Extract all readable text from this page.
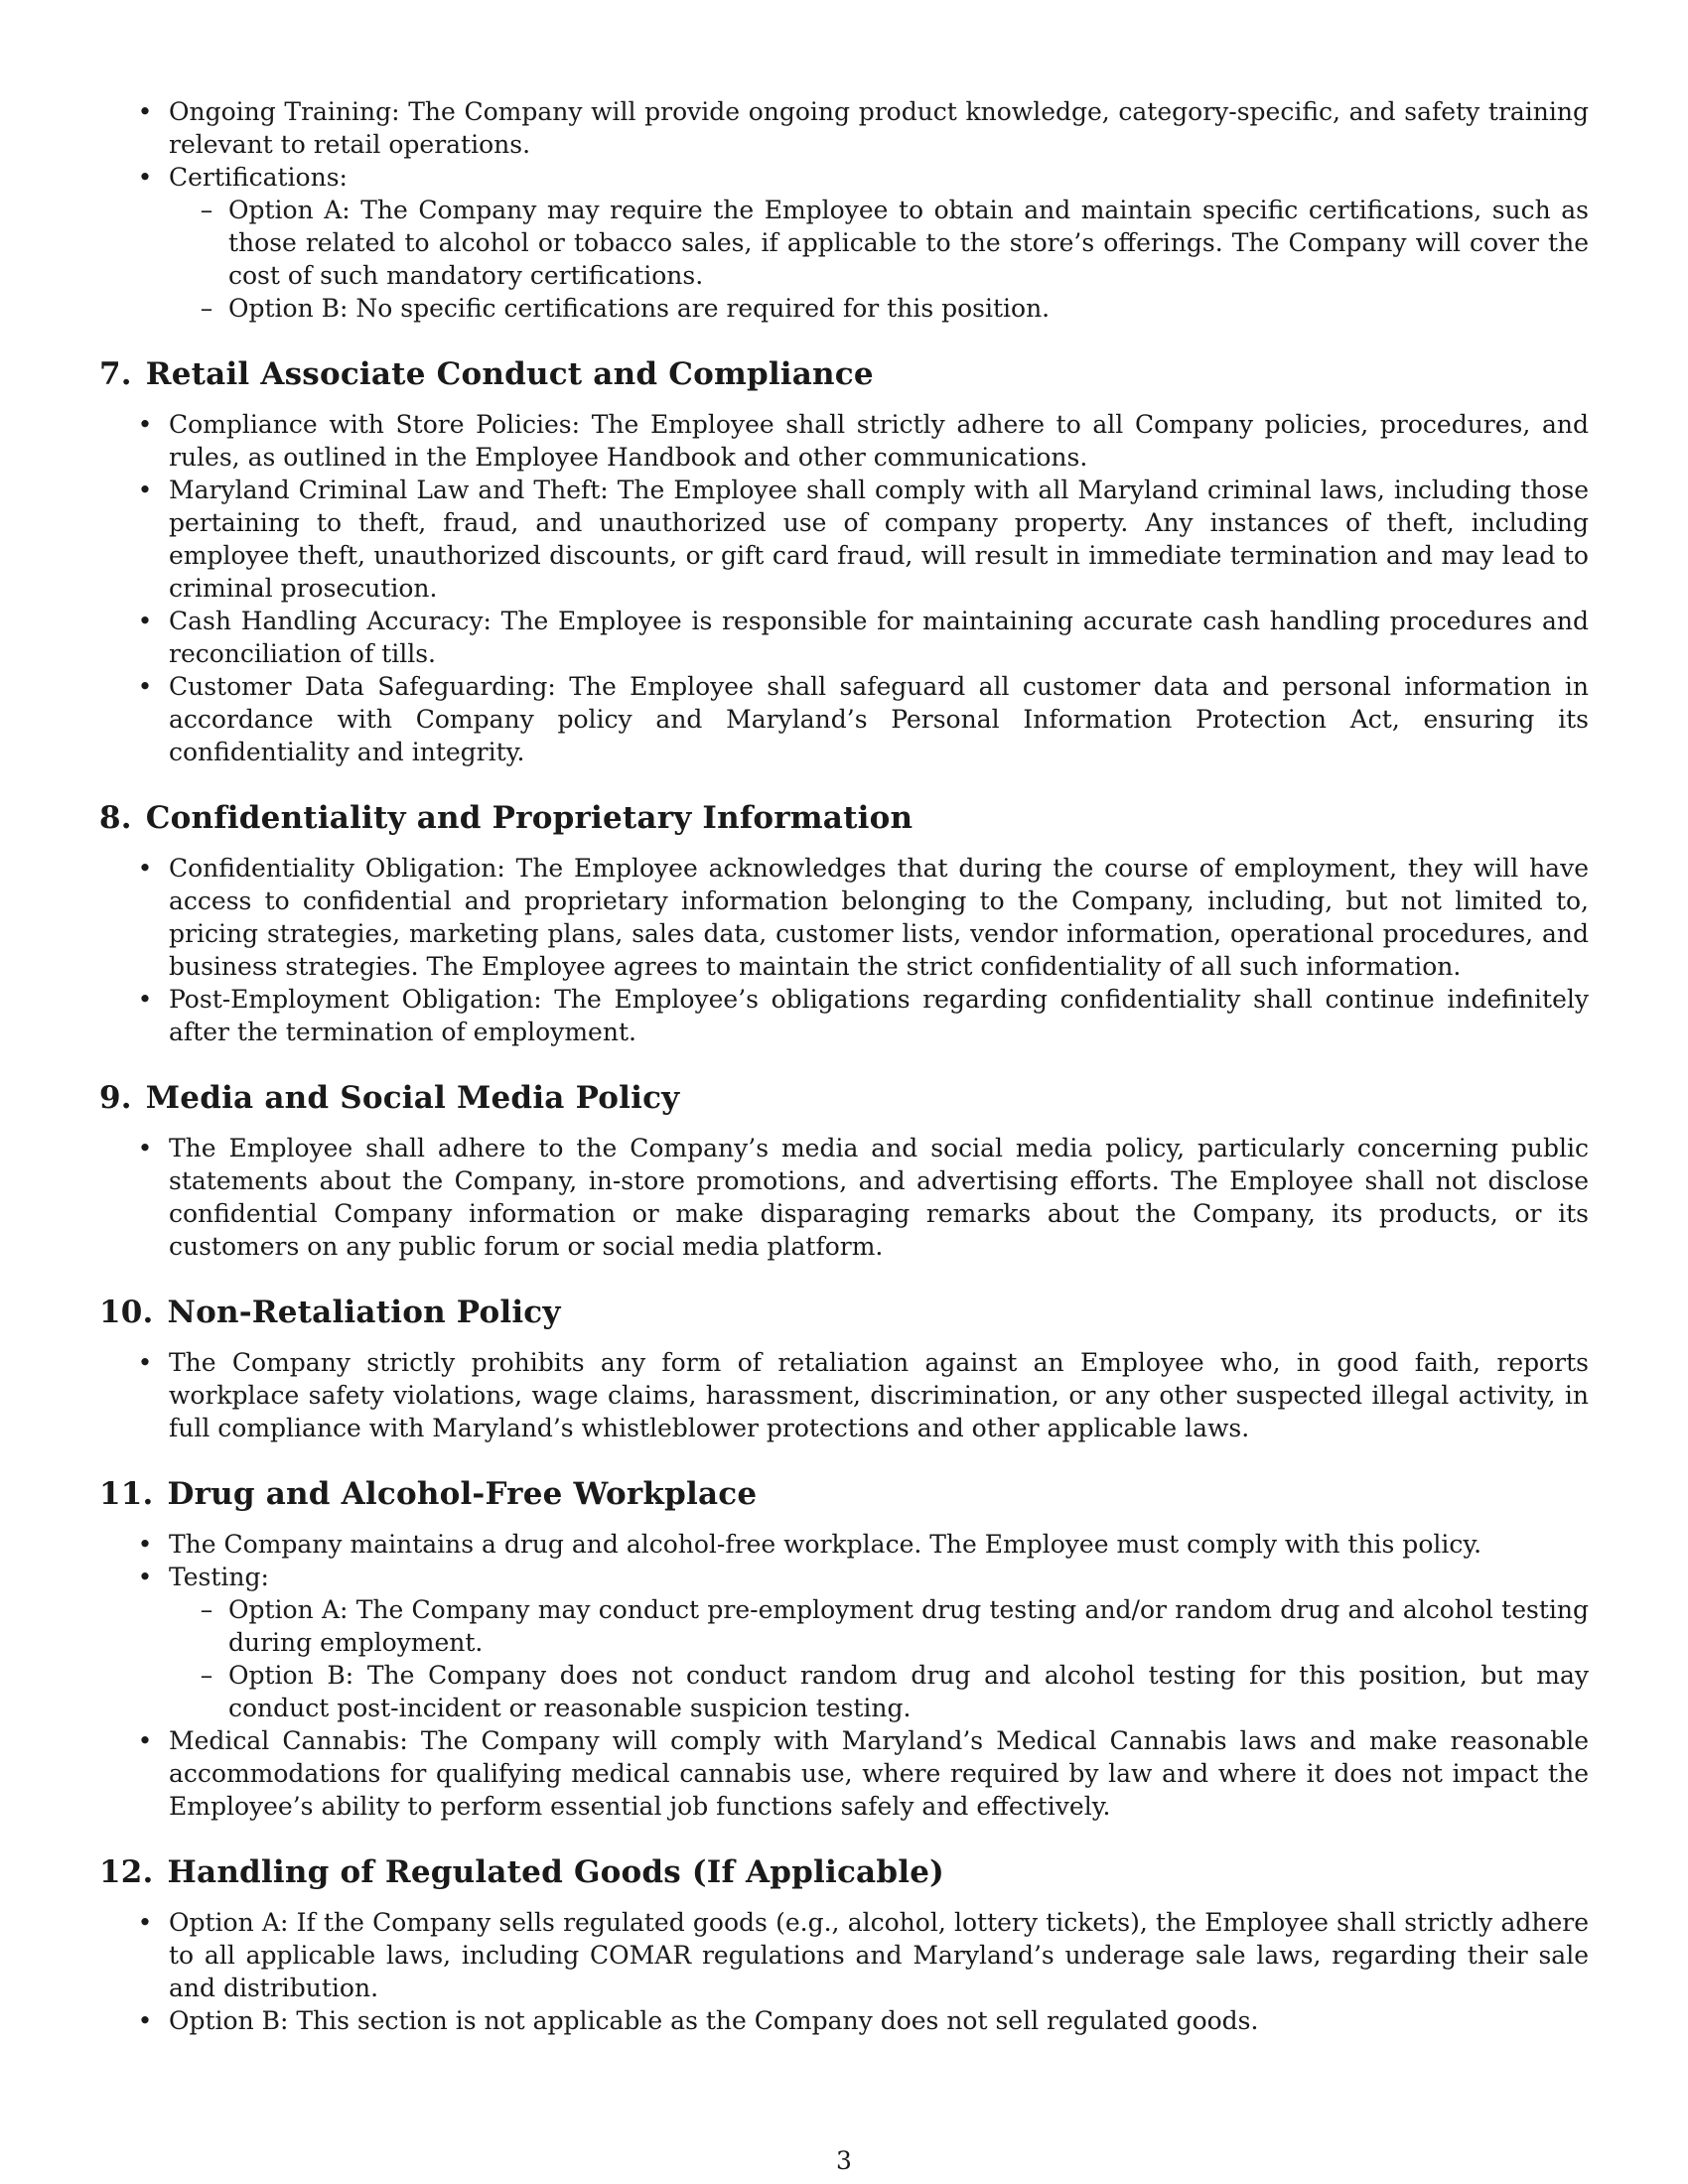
• Ongoing Training: The Company will provide ongoing product knowledge, category-specific, and safety training relevant to retail operations.
• Certifications:
– Option A: The Company may require the Employee to obtain and maintain specific certifications, such as those related to alcohol or tobacco sales, if applicable to the store’s offerings. The Company will cover the cost of such mandatory certifications.
– Option B: No specific certifications are required for this position.
7. Retail Associate Conduct and Compliance
• Compliance with Store Policies: The Employee shall strictly adhere to all Company policies, procedures, and rules, as outlined in the Employee Handbook and other communications.
• Maryland Criminal Law and Theft: The Employee shall comply with all Maryland criminal laws, including those pertaining to theft, fraud, and unauthorized use of company property. Any instances of theft, including employee theft, unauthorized discounts, or gift card fraud, will result in immediate termination and may lead to criminal prosecution.
• Cash Handling Accuracy: The Employee is responsible for maintaining accurate cash handling procedures and reconciliation of tills.
• Customer Data Safeguarding: The Employee shall safeguard all customer data and personal information in accordance with Company policy and Maryland’s Personal Information Protection Act, ensuring its confidentiality and integrity.
8. Confidentiality and Proprietary Information
• Confidentiality Obligation: The Employee acknowledges that during the course of employment, they will have access to confidential and proprietary information belonging to the Company, including, but not limited to, pricing strategies, marketing plans, sales data, customer lists, vendor information, operational procedures, and business strategies. The Employee agrees to maintain the strict confidentiality of all such information.
• Post-Employment Obligation: The Employee’s obligations regarding confidentiality shall continue indefinitely after the termination of employment.
9. Media and Social Media Policy
• The Employee shall adhere to the Company’s media and social media policy, particularly concerning public statements about the Company, in-store promotions, and advertising efforts. The Employee shall not disclose confidential Company information or make disparaging remarks about the Company, its products, or its customers on any public forum or social media platform.
10. Non-Retaliation Policy
• The Company strictly prohibits any form of retaliation against an Employee who, in good faith, reports workplace safety violations, wage claims, harassment, discrimination, or any other suspected illegal activity, in full compliance with Maryland’s whistleblower protections and other applicable laws.
11. Drug and Alcohol-Free Workplace
• The Company maintains a drug and alcohol-free workplace. The Employee must comply with this policy.
• Testing:
– Option A: The Company may conduct pre-employment drug testing and/or random drug and alcohol testing during employment.
– Option B: The Company does not conduct random drug and alcohol testing for this position, but may conduct post-incident or reasonable suspicion testing.
• Medical Cannabis: The Company will comply with Maryland’s Medical Cannabis laws and make reasonable accommodations for qualifying medical cannabis use, where required by law and where it does not impact the Employee’s ability to perform essential job functions safely and effectively.
12. Handling of Regulated Goods (If Applicable)
• Option A: If the Company sells regulated goods (e.g., alcohol, lottery tickets), the Employee shall strictly adhere to all applicable laws, including COMAR regulations and Maryland’s underage sale laws, regarding their sale and distribution.
• Option B: This section is not applicable as the Company does not sell regulated goods.
3
